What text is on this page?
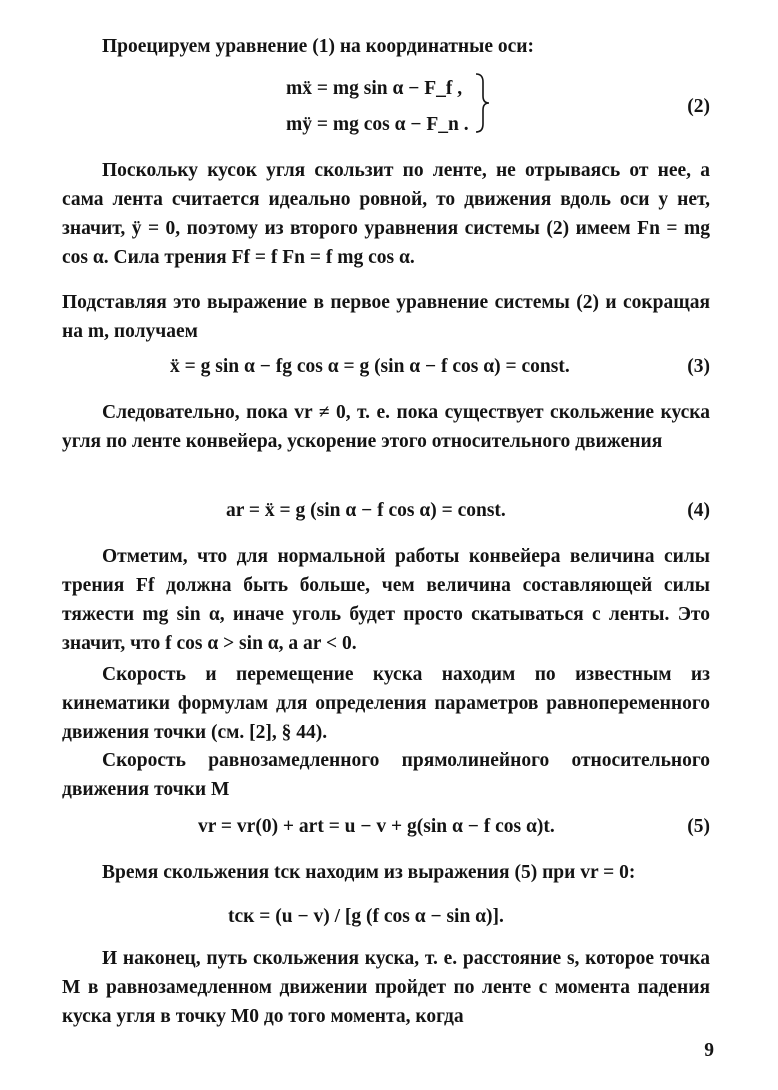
Проецируем уравнение (1) на координатные оси:

mẍ = mg sin α − F_f ,
mÿ = mg cos α − F_n .
(2)

Поскольку кусок угля скользит по ленте, не отрываясь от нее, а сама лента считается идеально ровной, то движения вдоль оси y нет, значит, ÿ = 0, поэтому из второго уравнения системы (2) имеем Fn = mg cos α. Сила трения Ff = f Fn = f mg cos α.

Подставляя это выражение в первое уравнение системы (2) и сокращая на m, получаем

ẍ = g sin α − fg cos α = g (sin α − f cos α) = const.	(3)

Следовательно, пока vr ≠ 0, т. е. пока существует скольжение куска угля по ленте конвейера, ускорение этого относительного движения

ar = ẍ = g (sin α − f cos α) = const.	(4)

Отметим, что для нормальной работы конвейера величина силы трения Ff должна быть больше, чем величина составляющей силы тяжести mg sin α, иначе уголь будет просто скатываться с ленты. Это значит, что f cos α > sin α, а ar < 0.

Скорость и перемещение куска находим по известным из кинематики формулам для определения параметров равнопеременного движения точки (см. [2], § 44).

Скорость равнозамедленного прямолинейного относительного движения точки M

vr = vr(0) + art = u − v + g(sin α − f cos α)t.	(5)

Время скольжения tск находим из выражения (5) при vr = 0:

tск = (u − v) / [g (f cos α − sin α)].

И наконец, путь скольжения куска, т. е. расстояние s, которое точка M в равнозамедленном движении пройдет по ленте с момента падения куска угля в точку M0 до того момента, когда

9
